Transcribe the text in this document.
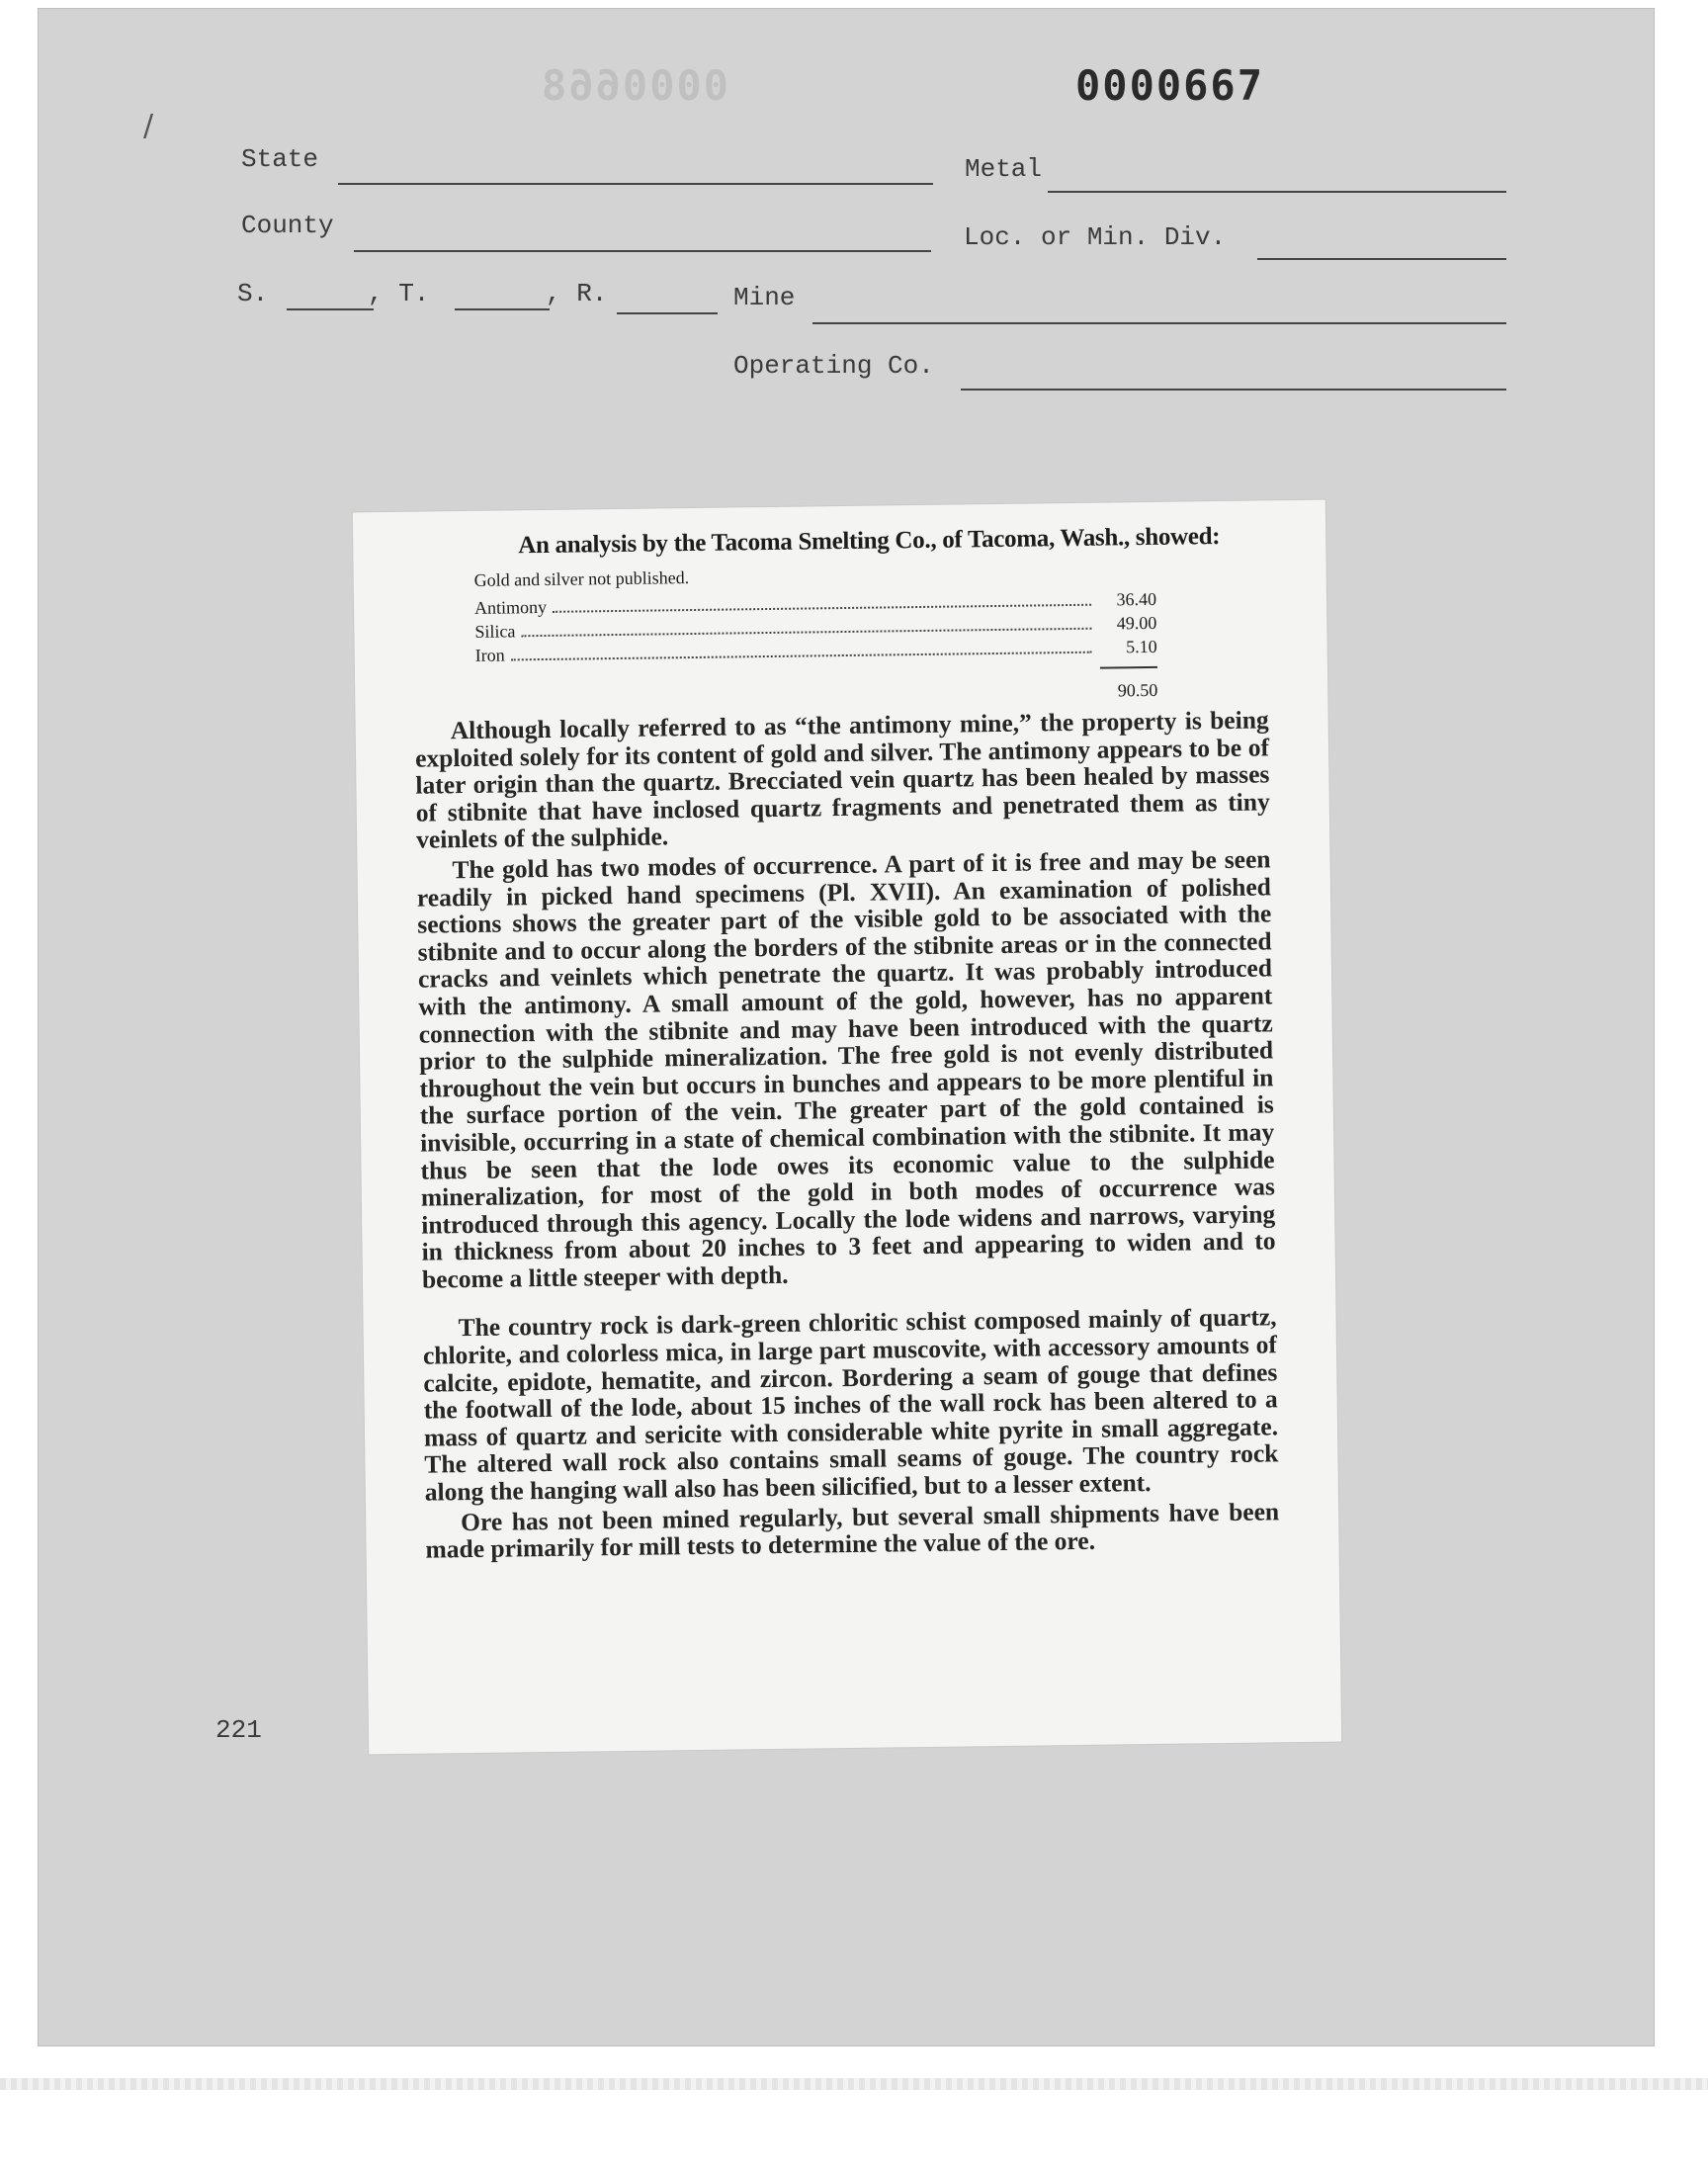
0000668	0000667
/
State	Metal
County	Loc. or Min. Div.
S.	, T.	, R.	Mine
Operating Co.
An analysis by the Tacoma Smelting Co., of Tacoma, Wash., showed:
Gold and silver not published.
Antimony	36.40
Silica	49.00
Iron	5.10
90.50

Although locally referred to as “the antimony mine,” the property is being exploited solely for its content of gold and silver. The antimony appears to be of later origin than the quartz. Brecciated vein quartz has been healed by masses of stibnite that have inclosed quartz fragments and penetrated them as tiny veinlets of the sulphide.

The gold has two modes of occurrence. A part of it is free and may be seen readily in picked hand specimens (Pl. XVII). An examination of polished sections shows the greater part of the visible gold to be associated with the stibnite and to occur along the borders of the stibnite areas or in the connected cracks and veinlets which penetrate the quartz. It was probably introduced with the antimony. A small amount of the gold, however, has no apparent connection with the stibnite and may have been introduced with the quartz prior to the sulphide mineralization. The free gold is not evenly distributed throughout the vein but occurs in bunches and appears to be more plentiful in the surface portion of the vein. The greater part of the gold contained is invisible, occurring in a state of chemical combination with the stibnite. It may thus be seen that the lode owes its economic value to the sulphide mineralization, for most of the gold in both modes of occurrence was introduced through this agency. Locally the lode widens and narrows, varying in thickness from about 20 inches to 3 feet and appearing to widen and to become a little steeper with depth.

The country rock is dark-green chloritic schist composed mainly of quartz, chlorite, and colorless mica, in large part muscovite, with accessory amounts of calcite, epidote, hematite, and zircon. Bordering a seam of gouge that defines the footwall of the lode, about 15 inches of the wall rock has been altered to a mass of quartz and sericite with considerable white pyrite in small aggregate. The altered wall rock also contains small seams of gouge. The country rock along the hanging wall also has been silicified, but to a lesser extent.

Ore has not been mined regularly, but several small shipments have been made primarily for mill tests to determine the value of the ore.

221
